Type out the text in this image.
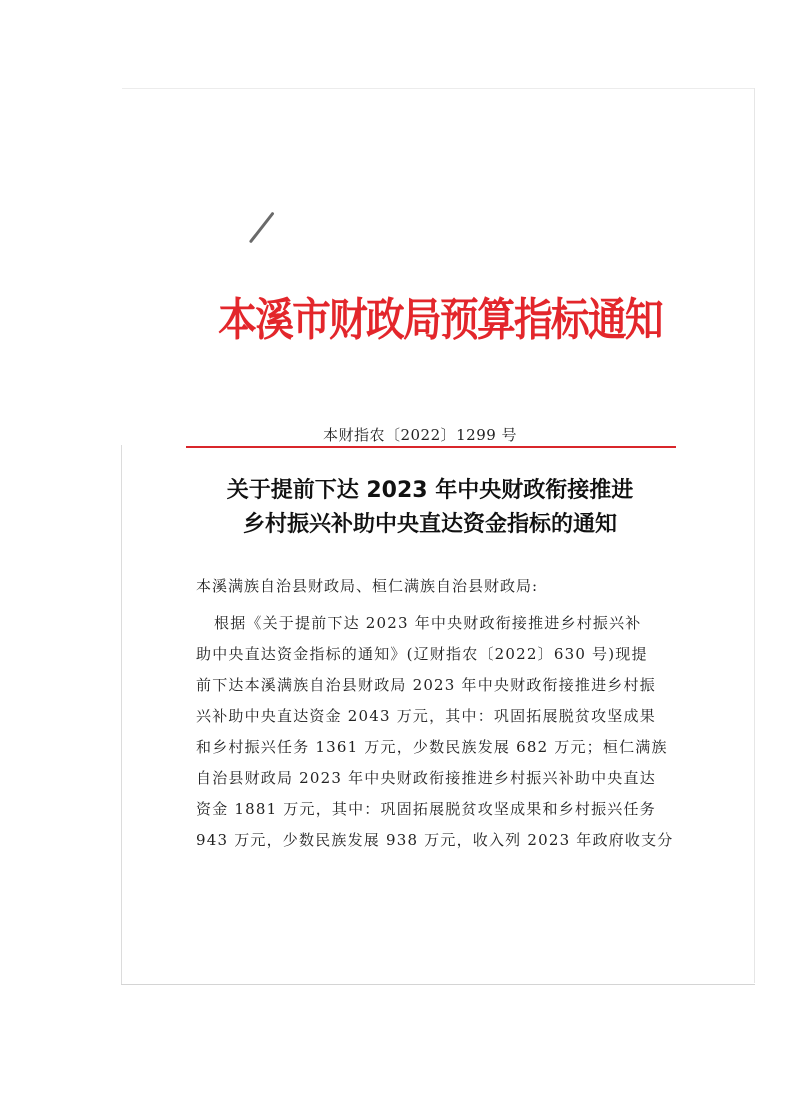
本溪市财政局预算指标通知
本财指农〔2022〕1299 号
关于提前下达 2023 年中央财政衔接推进
乡村振兴补助中央直达资金指标的通知
本溪满族自治县财政局、桓仁满族自治县财政局:
根据《关于提前下达 2023 年中央财政衔接推进乡村振兴补
助中央直达资金指标的通知》(辽财指农〔2022〕630 号)现提
前下达本溪满族自治县财政局 2023 年中央财政衔接推进乡村振
兴补助中央直达资金 2043 万元，其中：巩固拓展脱贫攻坚成果
和乡村振兴任务 1361 万元，少数民族发展 682 万元；桓仁满族
自治县财政局 2023 年中央财政衔接推进乡村振兴补助中央直达
资金 1881 万元，其中：巩固拓展脱贫攻坚成果和乡村振兴任务
943 万元，少数民族发展 938 万元，收入列 2023 年政府收支分
